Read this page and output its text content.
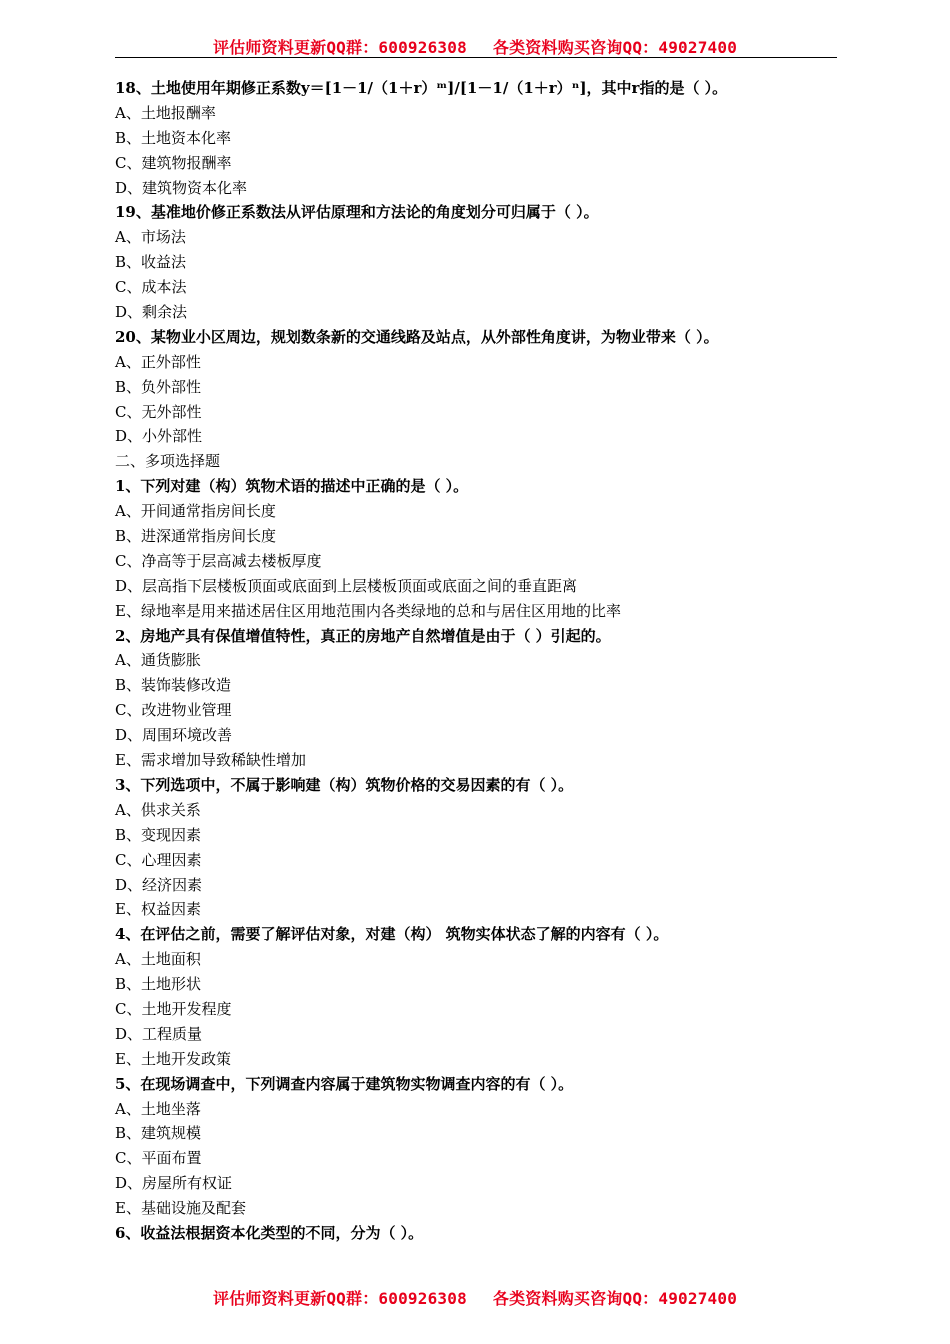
评估师资料更新QQ群：600926308 各类资料购买咨询QQ：49027400
18、土地使用年期修正系数y＝[1－1/（1＋r）ᵐ]/[1－1/（1＋r）ⁿ]，其中r指的是（ ）。
A、土地报酬率
B、土地资本化率
C、建筑物报酬率
D、建筑物资本化率
19、基准地价修正系数法从评估原理和方法论的角度划分可归属于（ ）。
A、市场法
B、收益法
C、成本法
D、剩余法
20、某物业小区周边，规划数条新的交通线路及站点，从外部性角度讲，为物业带来（ ）。
A、正外部性
B、负外部性
C、无外部性
D、小外部性
二、多项选择题
1、下列对建（构）筑物术语的描述中正确的是（ ）。
A、开间通常指房间长度
B、进深通常指房间长度
C、净高等于层高减去楼板厚度
D、层高指下层楼板顶面或底面到上层楼板顶面或底面之间的垂直距离
E、绿地率是用来描述居住区用地范围内各类绿地的总和与居住区用地的比率
2、房地产具有保值增值特性，真正的房地产自然增值是由于（ ）引起的。
A、通货膨胀
B、装饰装修改造
C、改进物业管理
D、周围环境改善
E、需求增加导致稀缺性增加
3、下列选项中，不属于影响建（构）筑物价格的交易因素的有（ ）。
A、供求关系
B、变现因素
C、心理因素
D、经济因素
E、权益因素
4、在评估之前，需要了解评估对象，对建（构） 筑物实体状态了解的内容有（ ）。
A、土地面积
B、土地形状
C、土地开发程度
D、工程质量
E、土地开发政策
5、在现场调查中，下列调查内容属于建筑物实物调查内容的有（ ）。
A、土地坐落
B、建筑规模
C、平面布置
D、房屋所有权证
E、基础设施及配套
6、收益法根据资本化类型的不同，分为（ ）。
评估师资料更新QQ群：600926308 各类资料购买咨询QQ：49027400
